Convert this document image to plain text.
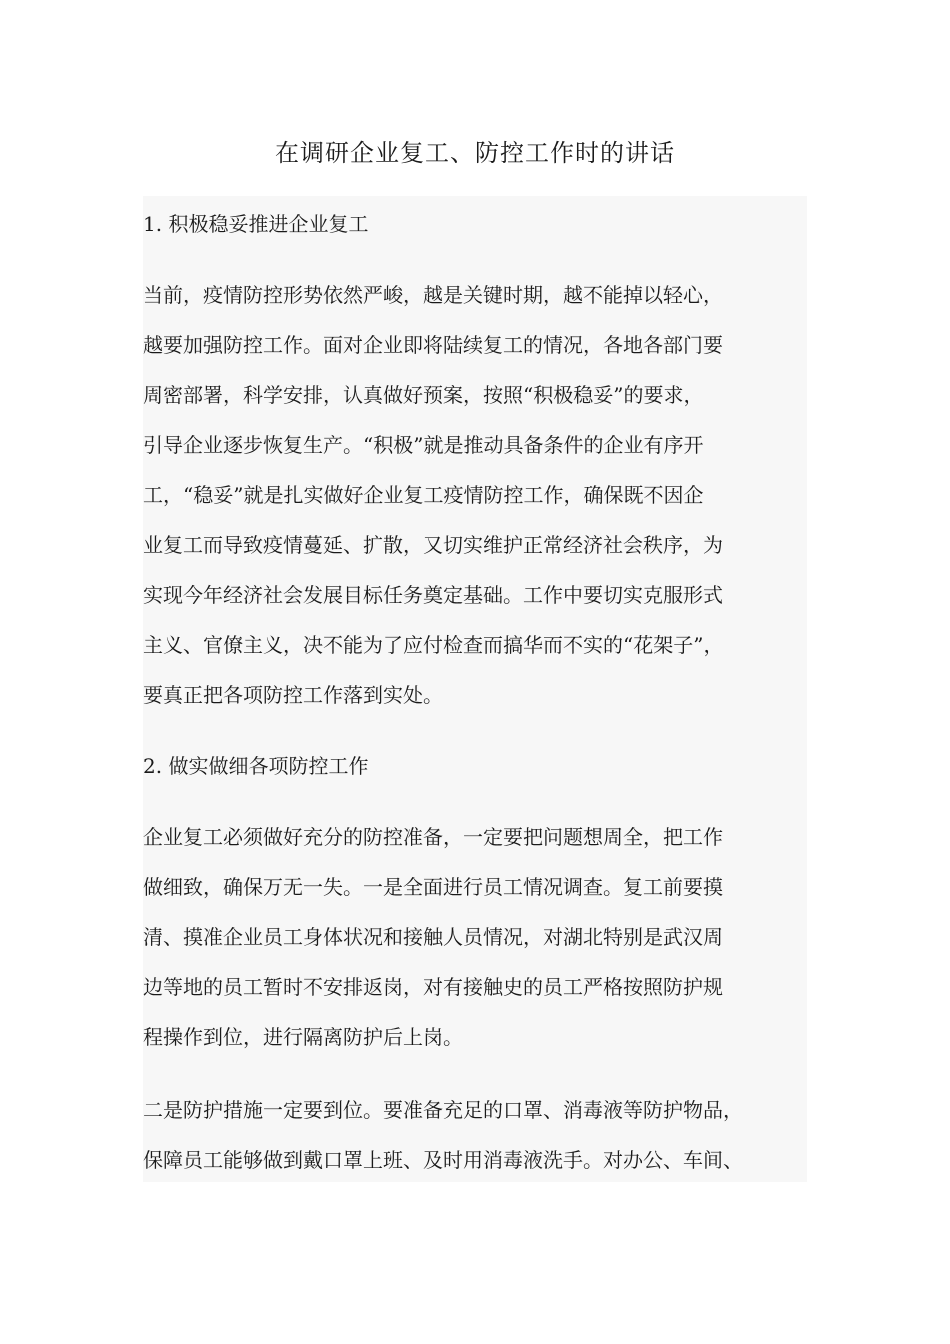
在调研企业复工、防控工作时的讲话

1. 积极稳妥推进企业复工

当前，疫情防控形势依然严峻，越是关键时期，越不能掉以轻心，
越要加强防控工作。面对企业即将陆续复工的情况，各地各部门要
周密部署，科学安排，认真做好预案，按照“积极稳妥”的要求，
引导企业逐步恢复生产。“积极”就是推动具备条件的企业有序开
工，“稳妥”就是扎实做好企业复工疫情防控工作，确保既不因企
业复工而导致疫情蔓延、扩散，又切实维护正常经济社会秩序，为
实现今年经济社会发展目标任务奠定基础。工作中要切实克服形式
主义、官僚主义，决不能为了应付检查而搞华而不实的“花架子”，
要真正把各项防控工作落到实处。

2. 做实做细各项防控工作

企业复工必须做好充分的防控准备，一定要把问题想周全，把工作
做细致，确保万无一失。一是全面进行员工情况调查。复工前要摸
清、摸准企业员工身体状况和接触人员情况，对湖北特别是武汉周
边等地的员工暂时不安排返岗，对有接触史的员工严格按照防护规
程操作到位，进行隔离防护后上岗。
二是防护措施一定要到位。要准备充足的口罩、消毒液等防护物品，
保障员工能够做到戴口罩上班、及时用消毒液洗手。对办公、车间、
